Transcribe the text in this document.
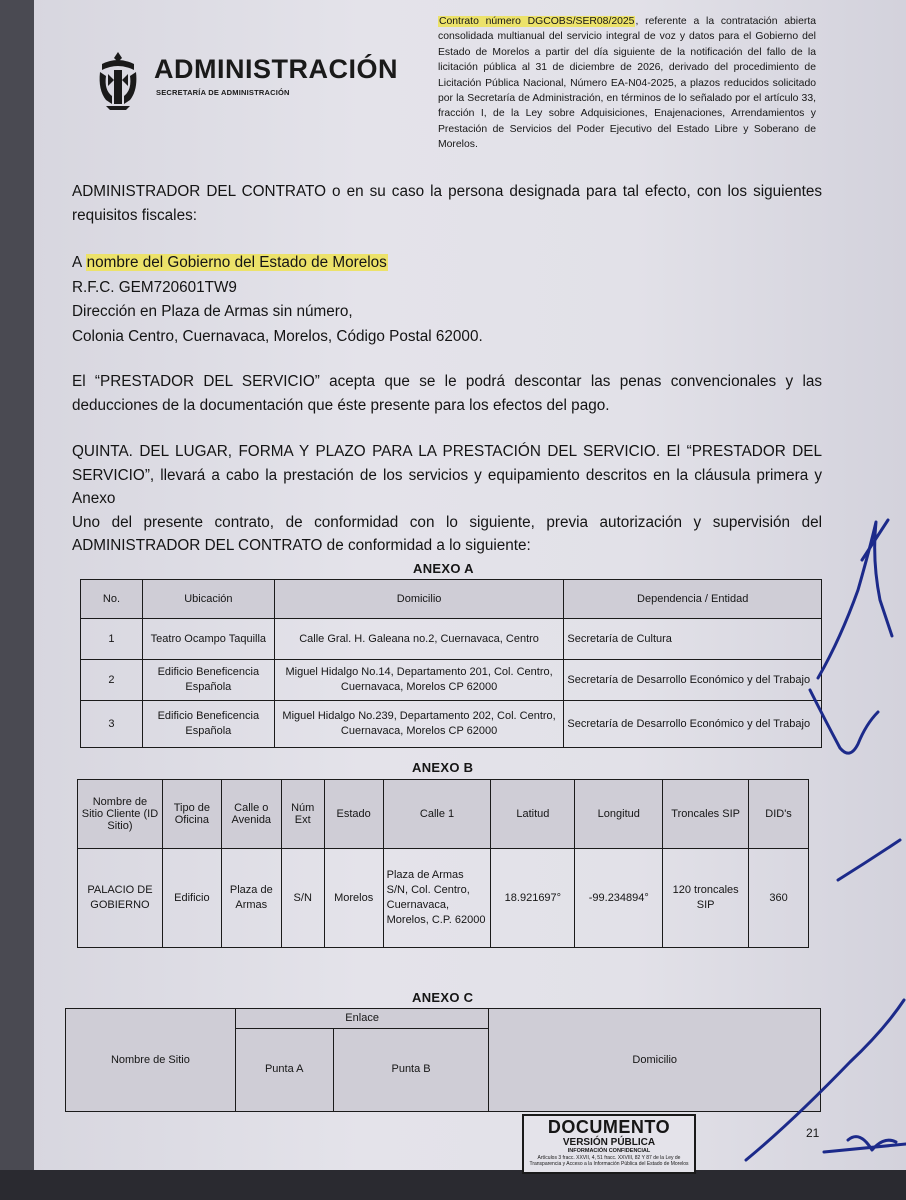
ADMINISTRACIÓN
SECRETARÍA DE ADMINISTRACIÓN
Contrato número DGCOBS/SER08/2025, referente a la contratación abierta consolidada multianual del servicio integral de voz y datos para el Gobierno del Estado de Morelos a partir del día siguiente de la notificación del fallo de la licitación pública al 31 de diciembre de 2026, derivado del procedimiento de Licitación Pública Nacional, Número EA-N04-2025, a plazos reducidos solicitado por la Secretaría de Administración, en términos de lo señalado por el artículo 33, fracción I, de la Ley sobre Adquisiciones, Enajenaciones, Arrendamientos y Prestación de Servicios del Poder Ejecutivo del Estado Libre y Soberano de Morelos.
ADMINISTRADOR DEL CONTRATO o en su caso la persona designada para tal efecto, con los siguientes
requisitos fiscales:
A nombre del Gobierno del Estado de Morelos
R.F.C. GEM720601TW9
Dirección en Plaza de Armas sin número,
Colonia Centro, Cuernavaca, Morelos, Código Postal 62000.
El “PRESTADOR DEL SERVICIO” acepta que se le podrá descontar las penas convencionales y las
deducciones de la documentación que éste presente para los efectos del pago.
QUINTA. DEL LUGAR, FORMA Y PLAZO PARA LA PRESTACIÓN DEL SERVICIO. El “PRESTADOR DEL
SERVICIO”, llevará a cabo la prestación de los servicios y equipamiento descritos en la cláusula primera y Anexo
Uno del presente contrato, de conformidad con lo siguiente, previa autorización y supervisión del
ADMINISTRADOR DEL CONTRATO de conformidad a lo siguiente:
ANEXO A
No.	Ubicación	Domicilio	Dependencia / Entidad
1	Teatro Ocampo Taquilla	Calle Gral. H. Galeana no.2, Cuernavaca, Centro	Secretaría de Cultura
2	Edificio Beneficencia Española	Miguel Hidalgo No.14, Departamento 201, Col. Centro, Cuernavaca, Morelos CP 62000	Secretaría de Desarrollo Económico y del Trabajo
3	Edificio Beneficencia Española	Miguel Hidalgo No.239, Departamento 202, Col. Centro, Cuernavaca, Morelos CP 62000	Secretaría de Desarrollo Económico y del Trabajo
ANEXO B
Nombre de Sitio Cliente (ID Sitio)	Tipo de Oficina	Calle o Avenida	Núm Ext	Estado	Calle 1	Latitud	Longitud	Troncales SIP	DID's
PALACIO DE GOBIERNO	Edificio	Plaza de Armas	S/N	Morelos	Plaza de Armas S/N, Col. Centro, Cuernavaca, Morelos, C.P. 62000	18.921697°	-99.234894°	120 troncales SIP	360
ANEXO C
Nombre de Sitio	Enlace		Domicilio
	Punta A	Punta B	
DOCUMENTO
VERSIÓN PÚBLICA
INFORMACIÓN CONFIDENCIAL
Artículos 3 fracc. XXVII, 4, 51 fracc. XXVIII, 82 Y 87 de la Ley de Transparencia y Acceso a la Información Pública del Estado de Morelos
21
